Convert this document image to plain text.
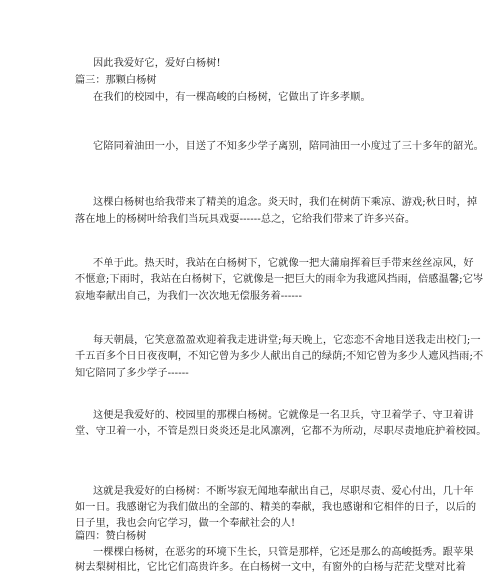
因此我爱好它，爱好白杨树!
篇三：那颗白杨树
在我们的校园中，有一棵高峻的白杨树，它做出了许多孝顺。
它陪同着油田一小，目送了不知多少学子离别，陪同油田一小度过了三十多年的韶光。
这棵白杨树也给我带来了精美的追念。炎天时，我们在树荫下乘凉、游戏;秋日时，掉
落在地上的杨树叶给我们当玩具戏耍------总之，它给我们带来了许多兴奋。
不单于此。热天时，我站在白杨树下，它就像一把大蒲扇挥着巨手带来丝丝凉风，好
不惬意;下雨时，我站在白杨树下，它就像是一把巨大的雨伞为我遮风挡雨，倍感温馨;它岑
寂地奉献出自己，为我们一次次地无偿服务着------
每天朝晨，它笑意盈盈欢迎着我走进讲堂;每天晚上，它恋恋不舍地目送我走出校门;一
千五百多个日日夜夜啊，不知它曾为多少人献出自己的绿荫;不知它曾为多少人遮风挡雨;不
知它陪同了多少学子------
这便是我爱好的、校园里的那棵白杨树。它就像是一名卫兵，守卫着学子、守卫着讲
堂、守卫着一小，不管是烈日炎炎还是北风凛冽，它都不为所动，尽职尽责地庇护着校园。
这就是我爱好的白杨树：不断岑寂无闻地奉献出自己，尽职尽责、爱心付出，几十年
如一日。我感谢它为我们做出的全部的、精美的奉献，我也感谢和它相伴的日子，以后的
日子里，我也会向它学习，做一个奉献社会的人!
篇四：赞白杨树
一棵棵白杨树，在恶劣的环境下生长，只管是那样，它还是那么的高峻挺秀。跟苹果
树去梨树相比，它比它们高贵许多。在白杨树一文中，有窗外的白杨与茫茫戈壁对比着
